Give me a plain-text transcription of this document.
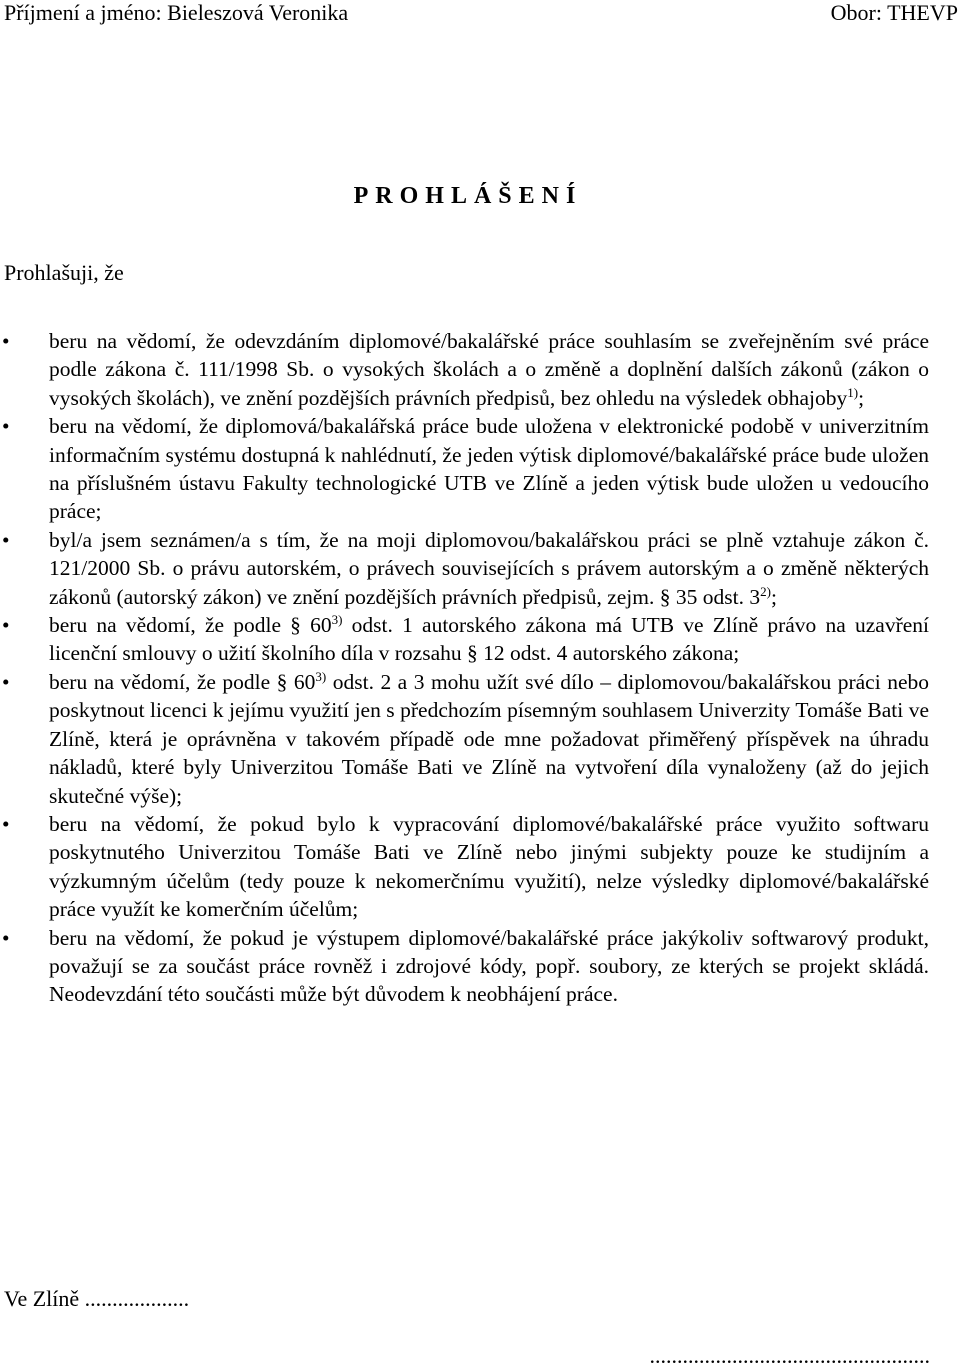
Příjmení a jméno: Bieleszová Veronika	Obor: THEVP
PROHLÁŠENÍ
Prohlašuji, že
• beru na vědomí, že odevzdáním diplomové/bakalářské práce souhlasím se zveřejněním své práce podle zákona č. 111/1998 Sb. o vysokých školách a o změně a doplnění dalších zákonů (zákon o vysokých školách), ve znění pozdějších právních předpisů, bez ohledu na výsledek obhajoby$^{1)}$;
• beru na vědomí, že diplomová/bakalářská práce bude uložena v elektronické podobě v univerzitním informačním systému dostupná k nahlédnutí, že jeden výtisk diplomové/bakalářské práce bude uložen na příslušném ústavu Fakulty technologické UTB ve Zlíně a jeden výtisk bude uložen u vedoucího práce;
• byl/a jsem seznámen/a s tím, že na moji diplomovou/bakalářskou práci se plně vztahuje zákon č. 121/2000 Sb. o právu autorském, o právech souvisejících s právem autorským a o změně některých zákonů (autorský zákon) ve znění pozdějších právních předpisů, zejm. § 35 odst. 3$^{2)}$;
• beru na vědomí, že podle § 60$^{3)}$ odst. 1 autorského zákona má UTB ve Zlíně právo na uzavření licenční smlouvy o užití školního díla v rozsahu § 12 odst. 4 autorského zákona;
• beru na vědomí, že podle § 60$^{3)}$ odst. 2 a 3 mohu užít své dílo – diplomovou/bakalářskou práci nebo poskytnout licenci k jejímu využití jen s předchozím písemným souhlasem Univerzity Tomáše Bati ve Zlíně, která je oprávněna v takovém případě ode mne požadovat přiměřený příspěvek na úhradu nákladů, které byly Univerzitou Tomáše Bati ve Zlíně na vytvoření díla vynaloženy (až do jejich skutečné výše);
• beru na vědomí, že pokud bylo k vypracování diplomové/bakalářské práce využito softwaru poskytnutého Univerzitou Tomáše Bati ve Zlíně nebo jinými subjekty pouze ke studijním a výzkumným účelům (tedy pouze k nekomerčnímu využití), nelze výsledky diplomové/bakalářské práce využít ke komerčním účelům;
• beru na vědomí, že pokud je výstupem diplomové/bakalářské práce jakýkoliv softwarový produkt, považují se za součást práce rovněž i zdrojové kódy, popř. soubory, ze kterých se projekt skládá. Neodevzdání této součásti může být důvodem k neobhájení práce.
Ve Zlíně ...................
...................................................
